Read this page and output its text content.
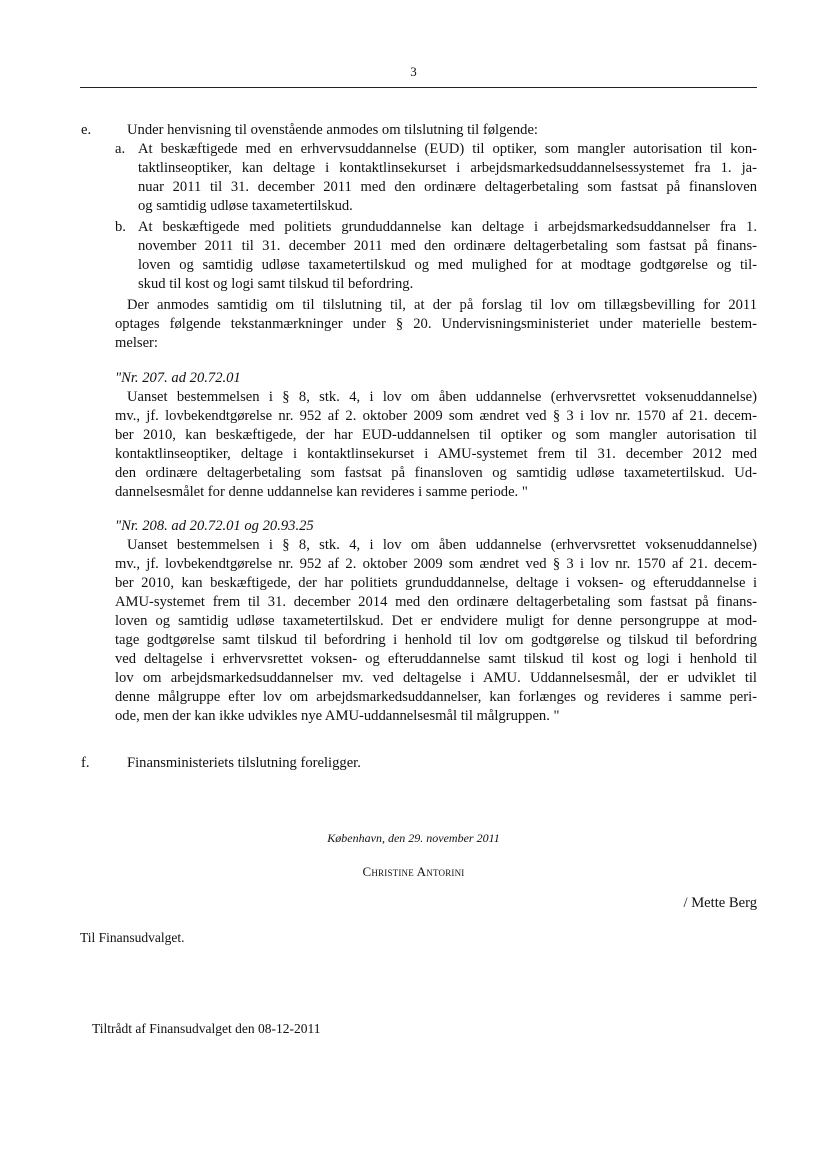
3
e. Under henvisning til ovenstående anmodes om tilslutning til følgende:
a. At beskæftigede med en erhvervsuddannelse (EUD) til optiker, som mangler autorisation til kon-
taktlinseoptiker, kan deltage i kontaktlinsekurset i arbejdsmarkedsuddannelsessystemet fra 1. ja-
nuar 2011 til 31. december 2011 med den ordinære deltagerbetaling som fastsat på finansloven
og samtidig udløse taxametertilskud.
b. At beskæftigede med politiets grunduddannelse kan deltage i arbejdsmarkedsuddannelser fra 1.
november 2011 til 31. december 2011 med den ordinære deltagerbetaling som fastsat på finans-
loven og samtidig udløse taxametertilskud og med mulighed for at modtage godtgørelse og til-
skud til kost og logi samt tilskud til befordring.
Der anmodes samtidig om til tilslutning til, at der på forslag til lov om tillægsbevilling for 2011
optages følgende tekstanmærkninger under § 20. Undervisningsministeriet under materielle bestem-
melser:
"Nr. 207. ad 20.72.01
Uanset bestemmelsen i § 8, stk. 4, i lov om åben uddannelse (erhvervsrettet voksenuddannelse)
mv., jf. lovbekendtgørelse nr. 952 af 2. oktober 2009 som ændret ved § 3 i lov nr. 1570 af 21. decem-
ber 2010, kan beskæftigede, der har EUD-uddannelsen til optiker og som mangler autorisation til
kontaktlinseoptiker, deltage i kontaktlinsekurset i AMU-systemet frem til 31. december 2012 med
den ordinære deltagerbetaling som fastsat på finansloven og samtidig udløse taxametertilskud. Ud-
dannelsesmålet for denne uddannelse kan revideres i samme periode. "
"Nr. 208. ad 20.72.01 og 20.93.25
Uanset bestemmelsen i § 8, stk. 4, i lov om åben uddannelse (erhvervsrettet voksenuddannelse)
mv., jf. lovbekendtgørelse nr. 952 af 2. oktober 2009 som ændret ved § 3 i lov nr. 1570 af 21. decem-
ber 2010, kan beskæftigede, der har politiets grunduddannelse, deltage i voksen- og efteruddannelse i
AMU-systemet frem til 31. december 2014 med den ordinære deltagerbetaling som fastsat på finans-
loven og samtidig udløse taxametertilskud. Det er endvidere muligt for denne persongruppe at mod-
tage godtgørelse samt tilskud til befordring i henhold til lov om godtgørelse og tilskud til befordring
ved deltagelse i erhvervsrettet voksen- og efteruddannelse samt tilskud til kost og logi i henhold til
lov om arbejdsmarkedsuddannelser mv. ved deltagelse i AMU. Uddannelsesmål, der er udviklet til
denne målgruppe efter lov om arbejdsmarkedsuddannelser, kan forlænges og revideres i samme peri-
ode, men der kan ikke udvikles nye AMU-uddannelsesmål til målgruppen. "
f.	Finansministeriets tilslutning foreligger.
København, den 29. november 2011
Christine Antorini
/ Mette Berg
Til Finansudvalget.
Tiltrådt af Finansudvalget den 08-12-2011
